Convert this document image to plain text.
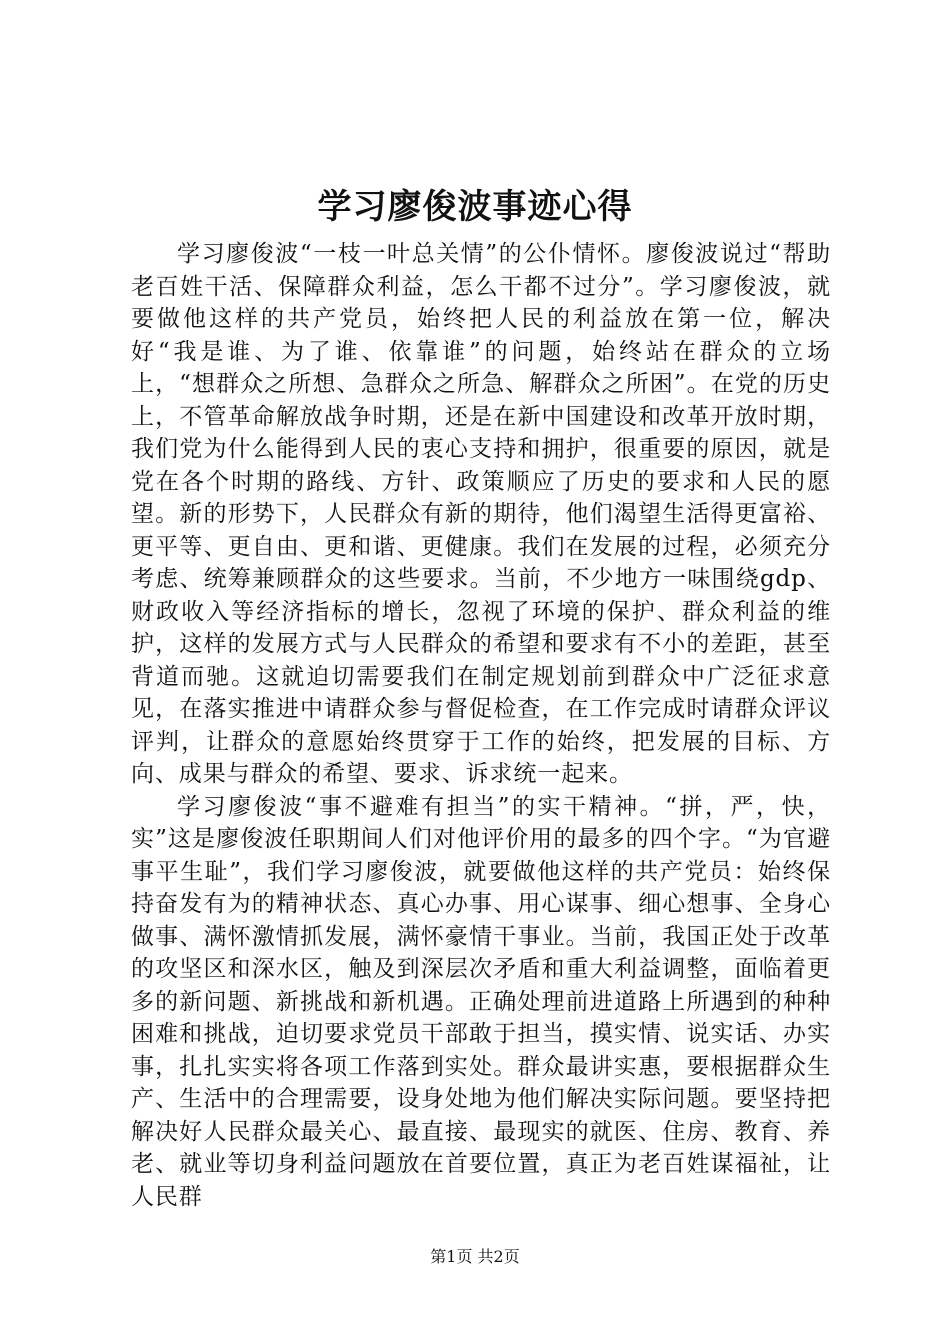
学习廖俊波事迹心得

学习廖俊波“一枝一叶总关情”的公仆情怀。廖俊波说过“帮助老百姓干活、保障群众利益，怎么干都不过分”。学习廖俊波，就要做他这样的共产党员，始终把人民的利益放在第一位，解决好“我是谁、为了谁、依靠谁”的问题，始终站在群众的立场上，“想群众之所想、急群众之所急、解群众之所困”。在党的历史上，不管革命解放战争时期，还是在新中国建设和改革开放时期，我们党为什么能得到人民的衷心支持和拥护，很重要的原因，就是党在各个时期的路线、方针、政策顺应了历史的要求和人民的愿望。新的形势下，人民群众有新的期待，他们渴望生活得更富裕、更平等、更自由、更和谐、更健康。我们在发展的过程，必须充分考虑、统筹兼顾群众的这些要求。当前，不少地方一味围绕gdp、财政收入等经济指标的增长，忽视了环境的保护、群众利益的维护，这样的发展方式与人民群众的希望和要求有不小的差距，甚至背道而驰。这就迫切需要我们在制定规划前到群众中广泛征求意见，在落实推进中请群众参与督促检查，在工作完成时请群众评议评判，让群众的意愿始终贯穿于工作的始终，把发展的目标、方向、成果与群众的希望、要求、诉求统一起来。

学习廖俊波“事不避难有担当”的实干精神。“拼，严，快，实”这是廖俊波任职期间人们对他评价用的最多的四个字。“为官避事平生耻”，我们学习廖俊波，就要做他这样的共产党员：始终保持奋发有为的精神状态、真心办事、用心谋事、细心想事、全身心做事、满怀激情抓发展，满怀豪情干事业。当前，我国正处于改革的攻坚区和深水区，触及到深层次矛盾和重大利益调整，面临着更多的新问题、新挑战和新机遇。正确处理前进道路上所遇到的种种困难和挑战，迫切要求党员干部敢于担当，摸实情、说实话、办实事，扎扎实实将各项工作落到实处。群众最讲实惠，要根据群众生产、生活中的合理需要，设身处地为他们解决实际问题。要坚持把解决好人民群众最关心、最直接、最现实的就医、住房、教育、养老、就业等切身利益问题放在首要位置，真正为老百姓谋福祉，让人民群

第1页 共2页
